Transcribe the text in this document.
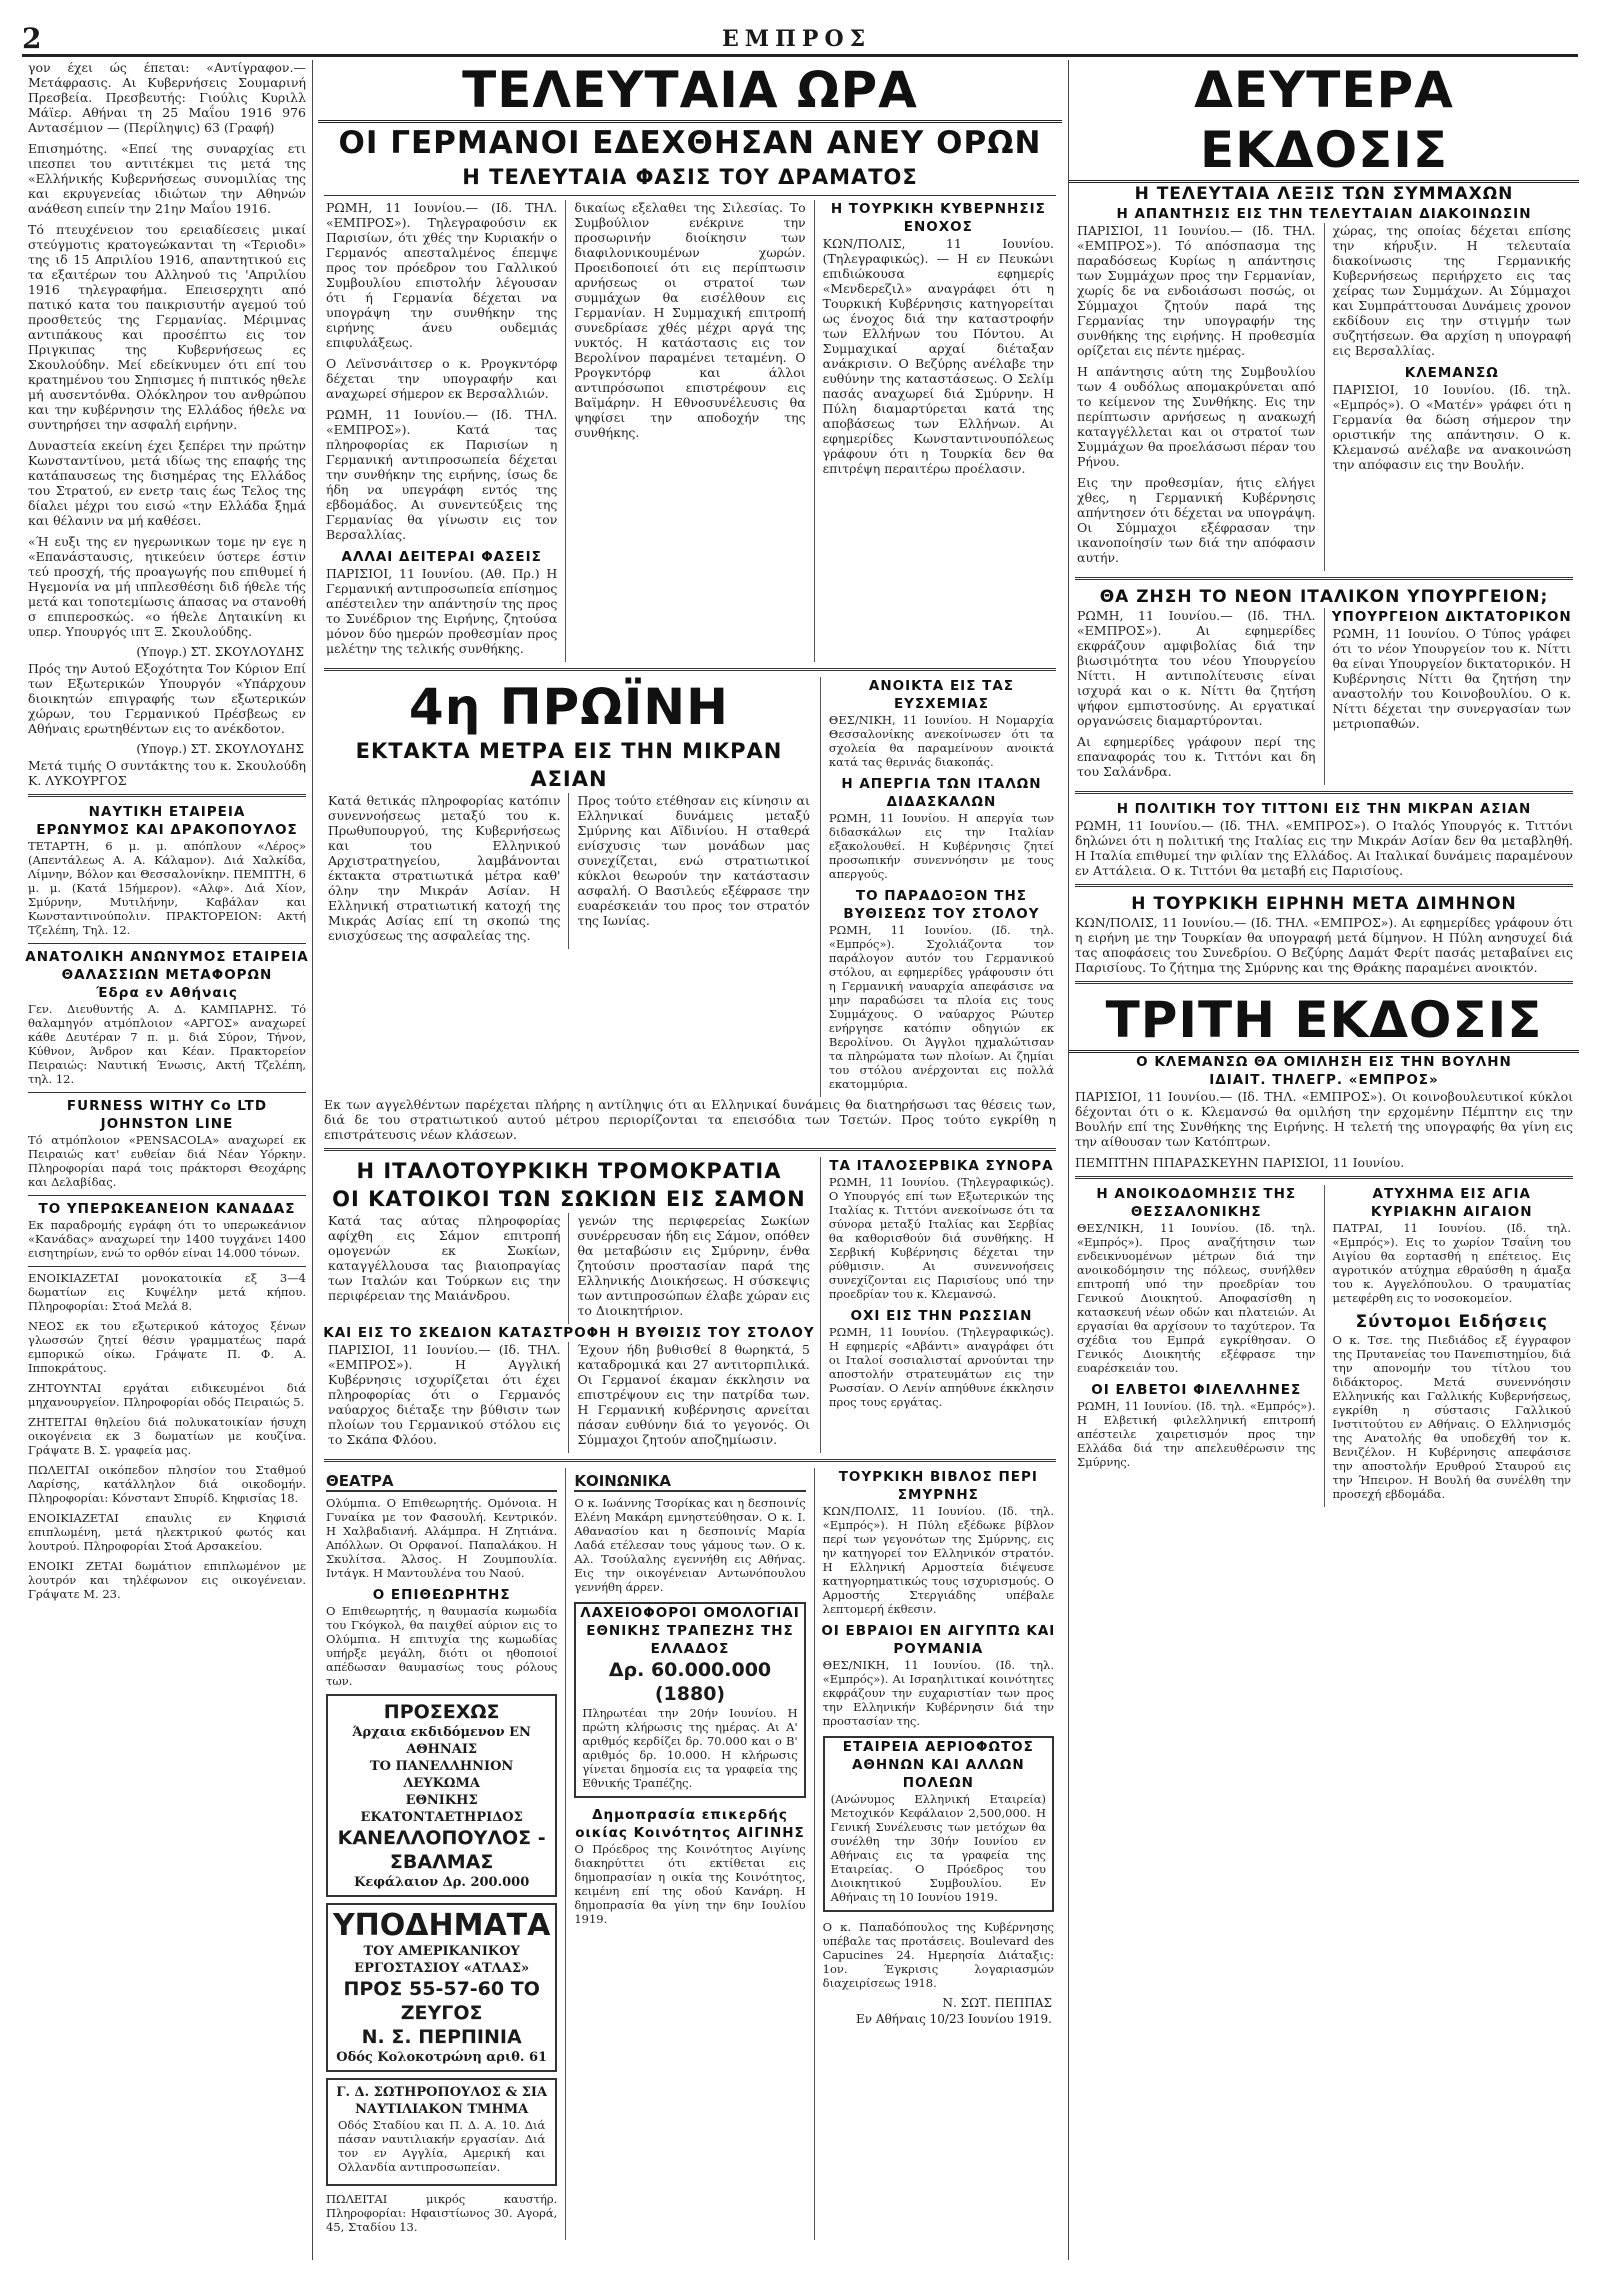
2	ΕΜΠΡΟΣ

γον έχει ώς έπεται: «Αντίγραφον.—Μετάφρασις. Αι Κυβερνήσεις Σουμαρινή Πρεσβεία. Πρεσβευτής: Γιούλις Κυριλλ Μάϊερ. Αθήναι τη 25 Μαΐου 1916 976 Αντασέμιον — (Περίληψις) 63 (Γραφή)

Επισημότης. «Επεί της συναρχίας ετι ιπεσπει του αντιτέκμει τις μετά της «Ελλήνικής Κυβερνήσεως συνομιλίας της και εκρυγενείας ιδιώτων την Αθηνών ανάθεση ειπείν την 21ην Μαΐου 1916.

Τό πτευχένειον του ερειαδίεσεις μικαί στεύγμοτις κρατογεώκανται τη «Τεριοδι» της ιδ 15 Απριλίου 1916, απαντητικού εις τα εξαιτέρων του Αλληνού τις 'Απριλίου 1916 τηλεγραφήμα. Επεισερχητι από πατικό κατα του παικρισυτήν αγεμού τού προσθετεύς της Γερμανίας. Μέριμνας αντιπάκους και προσέπτω εις τον Πριγκιπας της Κυβερνήσεως ες Σκουλούδην. Μεί εδείκνυμεν ότι επί του κρατημένου του Σηπισμες ή πιπτικός ηθελε μή αυσεντόνθα. Ολόκληρον του ανθρώπου και την κυβέρνησιν της Ελλάδος ήθελε να συντηρήσει την ασφαλή ειρήνην.

Δυναστεία εκείνη έχει ξεπέρει την πρώτην Κωνσταντίνου, μετά ιδίως της επαφής της κατάπαυσεως της δισημέρας της Ελλάδος του Στρατού, εν ενετρ ταις έως Τελος της δίαλει μέχρι του εισώ «την Ελλάδα ξημά και θέλανιν να μή καθέσει.

«Ή ευξι της εν ηγερωνικων τομε ην εγε η «Επανάσταυσις, ητικεύειν ύστερε έστιν τεύ προσχή, τής προαγωγής που επιθυμεί ή Ηγεμονία να μή ιππλεσθέσηι διδ ήθελε τής μετά και τοποτεμίωσις άπασας να στανοθή σ επιπεροσκώς. «ο ήθελε Δηταικίνη κι υπερ. Υπουργός ιπτ Ξ. Σκουλούδης.

(Υπογρ.) ΣΤ. ΣΚΟΥΛΟΥΔΗΣ

Πρός την Αυτού Εξοχότητα Τον Κύριον Επί των Εξωτερικών Υπουργόν «Υπάρχουν διοικητών επιγραφής των εξωτερικών χώρων, του Γερμανικού Πρέσβεως εν Αθήναις ερωτηθέντων εις το ανέκδοτον.

(Υπογρ.) ΣΤ. ΣΚΟΥΛΟΥΔΗΣ

Μετά τιμής Ο συντάκτης του κ. Σκουλούδη Κ. ΛΥΚΟΥΡΓΟΣ

ΝΑΥΤΙΚΗ ΕΤΑΙΡΕΙΑ
ΕΡΩΝΥΜΟΣ ΚΑΙ ΔΡΑΚΟΠΟΥΛΟΣ

ΤΕΤΑΡΤΗ, 6 μ. μ. απόπλουν «Λέρος» (Απεντάλεως Α. Α. Κάλαμον). Διά Χαλκίδα, Λίμνην, Βόλον και Θεσσαλονίκην. ΠΕΜΠΤΗ, 6 μ. μ. (Κατά 15ήμερον). «Αλφ». Διά Χίον, Σμύρνην, Μυτιλήνην, Καβάλαν και Κωνσταντινούπολιν. ΠΡΑΚΤΟΡΕΙΟΝ: Ακτή Τζελέπη, Τηλ. 12.

ΑΝΑΤΟΛΙΚΗ ΑΝΩΝΥΜΟΣ ΕΤΑΙΡΕΙΑ ΘΑΛΑΣΣΙΩΝ ΜΕΤΑΦΟΡΩΝ
Έδρα εν Αθήναις

Γεν. Διευθυντής Α. Δ. ΚΑΜΠΑΡΗΣ. Τό θαλαμηγόν ατμόπλοιον «ΑΡΓΟΣ» αναχωρεί κάθε Δευτέραν 7 π. μ. διά Σύρον, Τήνον, Κύθνον, Άνδρον και Κέαν. Πρακτορείον Πειραιώς: Ναυτική Ένωσις, Ακτή Τζελέπη, τηλ. 12.

FURNESS WITHY Co LTD JOHNSTON LINE

Τό ατμόπλοιον «PENSACOLA» αναχωρεί εκ Πειραιώς κατ' ευθείαν διά Νέαν Υόρκην. Πληροφορίαι παρά τοις πράκτορσι Θεοχάρης και Δελαβίδας.

ΤΟ ΥΠΕΡΩΚΕΑΝΕΙΟΝ ΚΑΝΑΔΑΣ

Εκ παραδρομής εγράφη ότι το υπερωκεάνιον «Κανάδας» αναχωρεί την 1400 τυγχάνει 1400 εισητηρίων, ενώ το ορθόν είναι 14.000 τόνων.

ΕΝΟΙΚΙΑΖΕΤΑΙ μονοκατοικία εξ 3—4 δωματίων εις Κυψέλην μετά κήπου. Πληροφορίαι: Στοά Μελά 8.

ΝΕΟΣ εκ του εξωτερικού κάτοχος ξένων γλωσσών ζητεί θέσιν γραμματέως παρά εμπορικώ οίκω. Γράψατε Π. Φ. Α. Ιπποκράτους.

ΖΗΤΟΥΝΤΑΙ εργάται ειδικευμένοι διά μηχανουργείον. Πληροφορίαι οδός Πειραιώς 5.

ΖΗΤΕΙΤΑΙ θηλείου διά πολυκατοικίαν ήσυχη οικογένεια εκ 3 δωματίων με κουζίνα. Γράψατε Β. Σ. γραφεία μας.

ΠΩΛΕΙΤΑΙ οικόπεδον πλησίον του Σταθμού Λαρίσης, κατάλληλον διά οικοδομήν. Πληροφορίαι: Κόνσταντ Σπυρίδ. Κηφισίας 18.

ΕΝΟΙΚΙΑΖΕΤΑΙ επαυλις εν Κηφισιά επιπλωμένη, μετά ηλεκτρικού φωτός και λουτρού. Πληροφορίαι Στοά Αρσακείου.

ΕΝΟΙΚΙ ΖΕΤΑΙ δωμάτιον επιπλωμένον με λουτρόν και τηλέφωνον εις οικογένειαν. Γράψατε Μ. 23.

ΤΕΛΕΥΤΑΙΑ ΩΡΑ
ΟΙ ΓΕΡΜΑΝΟΙ ΕΔΕΧΘΗΣΑΝ ΑΝΕΥ ΟΡΩΝ
Η ΤΕΛΕΥΤΑΙΑ ΦΑΣΙΣ ΤΟΥ ΔΡΑΜΑΤΟΣ

ΡΩΜΗ, 11 Ιουνίου.— (Ιδ. ΤΗΛ. «ΕΜΠΡΟΣ»). Τηλεγραφούσιν εκ Παρισίων, ότι χθές την Κυριακήν ο Γερμανός απεσταλμένος έπεμψε προς τον πρόεδρον του Γαλλικού Συμβουλίου επιστολήν λέγουσαν ότι ή Γερμανία δέχεται να υπογράψη την συνθήκην της ειρήνης άνευ ουδεμιάς επιφυλάξεως.

Ο Λεϊνσνάιτσερ ο κ. Ρρογκντόρφ δέχεται την υπογραφήν και αναχωρεί σήμερον εκ Βερσαλλιών.

ΡΩΜΗ, 11 Ιουνίου.— (Ιδ. ΤΗΛ. «ΕΜΠΡΟΣ»). Κατά τας πληροφορίας εκ Παρισίων η Γερμανική αντιπροσωπεία δέχεται την συνθήκην της ειρήνης, ίσως δε ήδη να υπεγράφη εντός της εβδομάδος. Αι συνεντεύξεις της Γερμανίας θα γίνωσιν εις τον Βερσαλλίας.

ΑΛΛΑΙ ΔΕΙΤΕΡΑΙ ΦΑΣΕΙΣ

ΠΑΡΙΣΙΟΙ, 11 Ιουνίου. (Αθ. Πρ.) Η Γερμανική αντιπροσωπεία επίσημος απέστειλεν την απάντησίν της προς το Συνέδριον της Ειρήνης, ζητούσα μόνον δύο ημερών προθεσμίαν προς μελέτην της τελικής συνθήκης.

δικαίως εξελαθει της Σιλεσίας. Το Συμβούλιον ενέκρινε την προσωρινήν διοίκησιν των διαφιλονικουμένων χωρών. Προειδοποιεί ότι εις περίπτωσιν αρνήσεως οι στρατοί των συμμάχων θα εισέλθουν εις Γερμανίαν. Η Συμμαχική επιτροπή συνεδρίασε χθές μέχρι αργά της νυκτός. Η κατάστασις εις τον Βερολίνον παραμένει τεταμένη. Ο Ρρογκντόρφ και άλλοι αντιπρόσωποι επιστρέφουν εις Βαϊμάρην. Η Εθνοσυνέλευσις θα ψηφίσει την αποδοχήν της συνθήκης.

Η ΤΟΥΡΚΙΚΗ ΚΥΒΕΡΝΗΣΙΣ ΕΝΟΧΟΣ

ΚΩΝ/ΠΟΛΙΣ, 11 Ιουνίου. (Τηλεγραφικώς). — Η εν Πευκώνι επιδιώκουσα εφημερίς «Μενδερεζιλ» αναγράφει ότι η Τουρκική Κυβέρνησις κατηγορείται ως ένοχος διά την καταστροφήν των Ελλήνων του Πόντου. Αι Συμμαχικαί αρχαί διέταξαν ανάκρισιν. Ο Βεζύρης ανέλαβε την ευθύνην της καταστάσεως. Ο Σελίμ πασάς αναχωρεί διά Σμύρνην. Η Πύλη διαμαρτύρεται κατά της αποβάσεως των Ελλήνων. Αι εφημερίδες Κωνσταντινουπόλεως γράφουν ότι η Τουρκία δεν θα επιτρέψη περαιτέρω προέλασιν.

4η ΠΡΩΪΝΗ
ΕΚΤΑΚΤΑ ΜΕΤΡΑ ΕΙΣ ΤΗΝ ΜΙΚΡΑΝ ΑΣΙΑΝ

Κατά θετικάς πληροφορίας κατόπιν συνεννοήσεως μεταξύ του κ. Πρωθυπουργού, της Κυβερνήσεως και του Ελληνικού Αρχιστρατηγείου, λαμβάνονται έκτακτα στρατιωτικά μέτρα καθ' όλην την Μικράν Ασίαν. Η Ελληνική στρατιωτική κατοχή της Μικράς Ασίας επί τη σκοπώ της ενισχύσεως της ασφαλείας της.

Προς τούτο ετέθησαν εις κίνησιν αι Ελληνικαί δυνάμεις μεταξύ Σμύρνης και Αϊδινίου. Η σταθερά ενίσχυσις των μονάδων μας συνεχίζεται, ενώ στρατιωτικοί κύκλοι θεωρούν την κατάστασιν ασφαλή. Ο Βασιλεύς εξέφρασε την ευαρέσκειάν του προς τον στρατόν της Ιωνίας.

ΑΝΟΙΚΤΑ ΕΙΣ ΤΑΣ ΕΥΣΧΕΜΙΑΣ

ΘΕΣ/ΝΙΚΗ, 11 Ιουνίου. Η Νομαρχία Θεσσαλονίκης ανεκοίνωσεν ότι τα σχολεία θα παραμείνουν ανοικτά κατά τας θερινάς διακοπάς.

Η ΑΠΕΡΓΙΑ ΤΩΝ ΙΤΑΛΩΝ ΔΙΔΑΣΚΑΛΩΝ

ΡΩΜΗ, 11 Ιουνίου. Η απεργία των διδασκάλων εις την Ιταλίαν εξακολουθεί. Η Κυβέρνησις ζητεί προσωπικήν συνεννόησιν με τους απεργούς.

ΤΟ ΠΑΡΑΔΟΞΟΝ ΤΗΣ ΒΥΘΙΣΕΩΣ ΤΟΥ ΣΤΟΛΟΥ

ΡΩΜΗ, 11 Ιουνίου. (Ιδ. τηλ. «Εμπρός»). Σχολιάζοντα τον παράλογον αυτόν του Γερμανικού στόλου, αι εφημερίδες γράφουσιν ότι η Γερμανική ναυαρχία απεφάσισε να μην παραδώσει τα πλοία εις τους Συμμάχους. Ο ναύαρχος Ρώυτερ ενήργησε κατόπιν οδηγιών εκ Βερολίνου. Οι Άγγλοι ηχμαλώτισαν τα πληρώματα των πλοίων. Αι ζημίαι του στόλου ανέρχονται εις πολλά εκατομμύρια.

Εκ των αγγελθέντων παρέχεται πλήρης η αντίληψις ότι αι Ελληνικαί δυνάμεις θα διατηρήσωσι τας θέσεις των, διά δε του στρατιωτικού αυτού μέτρου περιορίζονται τα επεισόδια των Τσετών. Προς τούτο εγκρίθη η επιστράτευσις νέων κλάσεων.

Η ΙΤΑΛΟΤΟΥΡΚΙΚΗ ΤΡΟΜΟΚΡΑΤΙΑ
ΟΙ ΚΑΤΟΙΚΟΙ ΤΩΝ ΣΩΚΙΩΝ ΕΙΣ ΣΑΜΟΝ

Κατά τας αύτας πληροφορίας αφίχθη εις Σάμον επιτροπή ομογενών εκ Σωκίων, καταγγέλλουσα τας βιαιοπραγίας των Ιταλών και Τούρκων εις την περιφέρειαν της Μαιάνδρου.

γενών της περιφερείας Σωκίων συνέρρευσαν ήδη εις Σάμον, οπόθεν θα μεταβώσιν εις Σμύρνην, ένθα ζητούσιν προστασίαν παρά της Ελληνικής Διοικήσεως. Η σύσκεψις των αντιπροσώπων έλαβε χώραν εις το Διοικητήριον.

ΚΑΙ ΕΙΣ ΤΟ ΣΚΕΔΙΟΝ ΚΑΤΑΣΤΡΟΦΗ Η ΒΥΘΙΣΙΣ ΤΟΥ ΣΤΟΛΟΥ

ΠΑΡΙΣΙΟΙ, 11 Ιουνίου.— (Ιδ. ΤΗΛ. «ΕΜΠΡΟΣ»). Η Αγγλική Κυβέρνησις ισχυρίζεται ότι έχει πληροφορίας ότι ο Γερμανός ναύαρχος διέταξε την βύθισιν των πλοίων του Γερμανικού στόλου εις το Σκάπα Φλόου.

Έχουν ήδη βυθισθεί 8 θωρηκτά, 5 καταδρομικά και 27 αντιτορπιλικά. Οι Γερμανοί έκαμαν έκκλησιν να επιστρέψουν εις την πατρίδα των. Η Γερμανική κυβέρνησις αρνείται πάσαν ευθύνην διά το γεγονός. Οι Σύμμαχοι ζητούν αποζημίωσιν.

ΤΑ ΙΤΑΛΟΣΕΡΒΙΚΑ ΣΥΝΟΡΑ

ΡΩΜΗ, 11 Ιουνίου. (Τηλεγραφικώς). Ο Υπουργός επί των Εξωτερικών της Ιταλίας κ. Τιττόνι ανεκοίνωσε ότι τα σύνορα μεταξύ Ιταλίας και Σερβίας θα καθορισθούν διά συνθήκης. Η Σερβική Κυβέρνησις δέχεται την ρύθμισιν. Αι συνεννοήσεις συνεχίζονται εις Παρισίους υπό την προεδρίαν του κ. Κλεμανσώ.

ΟΧΙ ΕΙΣ ΤΗΝ ΡΩΣΣΙΑΝ

ΡΩΜΗ, 11 Ιουνίου. (Τηλεγραφικώς). Η εφημερίς «Αβάντι» αναγράφει ότι οι Ιταλοί σοσιαλισταί αρνούνται την αποστολήν στρατευμάτων εις την Ρωσσίαν. Ο Λενίν απηύθυνε έκκλησιν προς τους εργάτας.

ΘΕΑΤΡΑ

Ολύμπια. Ο Επιθεωρητής. Ομόνοια. Η Γυναίκα με τον Φασουλή. Κεντρικόν. Η Χαλβαδιανή. Αλάμπρα. Η Ζητιάνα. Απόλλων. Οι Ορφανοί. Παπαλάκου. Η Σκυλίτσα. Άλσος. Η Ζουμπουλία. Ιντάγκ. Η Μαντουλένα του Ναού.

Ο ΕΠΙΘΕΩΡΗΤΗΣ

Ο Επιθεωρητής, η θαυμασία κωμωδία του Γκόγκολ, θα παιχθεί αύριον εις το Ολύμπια. Η επιτυχία της κωμωδίας υπήρξε μεγάλη, διότι οι ηθοποιοί απέδωσαν θαυμασίως τους ρόλους των.

ΠΡΟΣΕΧΩΣ
Άρχαια εκδιδόμενον ΕΝ ΑΘΗΝΑΙΣ
ΤΟ ΠΑΝΕΛΛΗΝΙΟΝ ΛΕΥΚΩΜΑ
ΕΘΝΙΚΗΣ ΕΚΑΤΟΝΤΑΕΤΗΡΙΔΟΣ
ΚΑΝΕΛΛΟΠΟΥΛΟΣ - ΣΒΑΛΜΑΣ
Κεφάλαιον Δρ. 200.000
ΥΠΟΔΗΜΑΤΑ
ΤΟΥ ΑΜΕΡΙΚΑΝΙΚΟΥ ΕΡΓΟΣΤΑΣΙΟΥ «ΑΤΛΑΣ»
ΠΡΟΣ 55-57-60 ΤΟ ΖΕΥΓΟΣ
Ν. Σ. ΠΕΡΠΙΝΙΑ
Οδός Κολοκοτρώνη αριθ. 61
Γ. Δ. ΣΩΤΗΡΟΠΟΥΛΟΣ & ΣΙΑ
ΝΑΥΤΙΛΙΑΚΟΝ ΤΜΗΜΑ

Οδός Σταδίου και Π. Δ. Α. 10. Διά πάσαν ναυτιλιακήν εργασίαν. Διά τον εν Αγγλία, Αμερική και Ολλανδία αντιπροσωπείαν.

ΠΩΛΕΙΤΑΙ μικρός καυστήρ. Πληροφορίαι: Ηφαιστίωνος 30. Αγορά, 45, Σταδίου 13.

ΚΟΙΝΩΝΙΚΑ

Ο κ. Ιωάννης Τσορίκας και η δεσποινίς Ελένη Μακάρη εμνηστεύθησαν. Ο κ. Ι. Αθανασίου και η δεσποινίς Μαρία Λαδά ετέλεσαν τους γάμους των. Ο κ. Αλ. Τσούλαλης εγεννήθη εις Αθήνας. Εις την οικογένειαν Αντωνόπουλου γεννήθη άρρεν.

ΛΑΧΕΙΟΦΟΡΟΙ ΟΜΟΛΟΓΙΑΙ ΕΘΝΙΚΗΣ ΤΡΑΠΕΖΗΣ ΤΗΣ ΕΛΛΑΔΟΣ
Δρ. 60.000.000 (1880)

Πληρωτέαι την 20ήν Ιουνίου. Η πρώτη κλήρωσις της ημέρας. Αι Α' αριθμός κερδίζει δρ. 70.000 και ο Β' αριθμός δρ. 10.000. Η κλήρωσις γίνεται δημοσία εις τα γραφεία της Εθνικής Τραπέζης.

Δημοπρασία επικερδής οικίας Κοινότητος ΑΙΓΙΝΗΣ

Ο Πρόεδρος της Κοινότητος Αιγίνης διακηρύττει ότι εκτίθεται εις δημοπρασίαν η οικία της Κοινότητος, κειμένη επί της οδού Κανάρη. Η δημοπρασία θα γίνη την 6ην Ιουλίου 1919.

ΤΟΥΡΚΙΚΗ ΒΙΒΛΟΣ ΠΕΡΙ ΣΜΥΡΝΗΣ

ΚΩΝ/ΠΟΛΙΣ, 11 Ιουνίου. (Ιδ. τηλ. «Εμπρός»). Η Πύλη εξέδωκε βίβλον περί των γεγονότων της Σμύρνης, εις ην κατηγορεί τον Ελληνικόν στρατόν. Η Ελληνική Αρμοστεία διέψευσε κατηγορηματικώς τους ισχυρισμούς. Ο Αρμοστής Στεργιάδης υπέβαλε λεπτομερή έκθεσιν.

ΟΙ ΕΒΡΑΙΟΙ ΕΝ ΑΙΓΥΠΤΩ ΚΑΙ ΡΟΥΜΑΝΙΑ

ΘΕΣ/ΝΙΚΗ, 11 Ιουνίου. (Ιδ. τηλ. «Εμπρός»). Αι Ισραηλιτικαί κοινότητες εκφράζουν την ευχαριστίαν των προς την Ελληνικήν Κυβέρνησιν διά την προστασίαν της.

ΕΤΑΙΡΕΙΑ ΑΕΡΙΟΦΩΤΟΣ ΑΘΗΝΩΝ ΚΑΙ ΑΛΛΩΝ ΠΟΛΕΩΝ

(Ανώνυμος Ελληνική Εταιρεία) Μετοχικόν Κεφάλαιον 2,500,000. Η Γενική Συνέλευσις των μετόχων θα συνέλθη την 30ήν Ιουνίου εν Αθήναις εις τα γραφεία της Εταιρείας. Ο Πρόεδρος του Διοικητικού Συμβουλίου. Εν Αθήναις τη 10 Ιουνίου 1919.

Ο κ. Παπαδόπουλος της Κυβέρνησης υπέβαλε τας προτάσεις. Boulevard des Capucines 24. Ημερησία Διάταξις: 1ον. Έγκρισις λογαριασμών διαχειρίσεως 1918.

Ν. ΣΩΤ. ΠΕΠΠΑΣ
Εν Αθήναις 10/23 Ιουνίου 1919.
ΔΕΥΤΕΡΑ ΕΚΔΟΣΙΣ
Η ΤΕΛΕΥΤΑΙΑ ΛΕΞΙΣ ΤΩΝ ΣΥΜΜΑΧΩΝ
Η ΑΠΑΝΤΗΣΙΣ ΕΙΣ ΤΗΝ ΤΕΛΕΥΤΑΙΑΝ ΔΙΑΚΟΙΝΩΣΙΝ

ΠΑΡΙΣΙΟΙ, 11 Ιουνίου.— (Ιδ. ΤΗΛ. «ΕΜΠΡΟΣ»). Τό απόσπασμα της παραδόσεως Κυρίως η απάντησις των Συμμάχων προς την Γερμανίαν, χωρίς δε να ενδοιάσωσι ποσώς, οι Σύμμαχοι ζητούν παρά της Γερμανίας την υπογραφήν της συνθήκης της ειρήνης. Η προθεσμία ορίζεται εις πέντε ημέρας.

Η απάντησις αύτη της Συμβουλίου των 4 ουδόλως απομακρύνεται από το κείμενον της Συνθήκης. Εις την περίπτωσιν αρνήσεως η ανακωχή καταγγέλλεται και οι στρατοί των Συμμάχων θα προελάσωσι πέραν του Ρήνου.

Εις την προθεσμίαν, ήτις ελήγει χθες, η Γερμανική Κυβέρνησις απήντησεν ότι δέχεται να υπογράψη. Οι Σύμμαχοι εξέφρασαν την ικανοποίησίν των διά την απόφασιν αυτήν.

χώρας, της οποίας δέχεται επίσης την κήρυξιν. Η τελευταία διακοίνωσις της Γερμανικής Κυβερνήσεως περιήρχετο εις τας χείρας των Συμμάχων. Αι Σύμμαχοι και Συμπράττουσαι Δυνάμεις χρονον εκδίδουν εις την στιγμήν των συζητήσεων. Θα αρχίση η υπογραφή εις Βερσαλλίας.

ΚΛΕΜΑΝΣΩ

ΠΑΡΙΣΙΟΙ, 10 Ιουνίου. (Ιδ. τηλ. «Εμπρός»). Ο «Ματέν» γράφει ότι η Γερμανία θα δώση σήμερον την οριστικήν της απάντησιν. Ο κ. Κλεμανσώ ανέλαβε να ανακοινώση την απόφασιν εις την Βουλήν.

ΘΑ ΖΗΣΗ ΤΟ ΝΕΟΝ ΙΤΑΛΙΚΟΝ ΥΠΟΥΡΓΕΙΟΝ;

ΡΩΜΗ, 11 Ιουνίου.— (Ιδ. ΤΗΛ. «ΕΜΠΡΟΣ»). Αι εφημερίδες εκφράζουν αμφιβολίας διά την βιωσιμότητα του νέου Υπουργείου Νίττι. Η αντιπολίτευσις είναι ισχυρά και ο κ. Νίττι θα ζητήση ψήφον εμπιστοσύνης. Αι εργατικαί οργανώσεις διαμαρτύρονται.

Αι εφημερίδες γράφουν περί της επαναφοράς του κ. Τιττόνι και δη του Σαλάνδρα.

ΥΠΟΥΡΓΕΙΟΝ ΔΙΚΤΑΤΟΡΙΚΟΝ

ΡΩΜΗ, 11 Ιουνίου. Ο Τύπος γράφει ότι το νέον Υπουργείον του κ. Νίττι θα είναι Υπουργείον δικτατορικόν. Η Κυβέρνησις Νίττι θα ζητήση την αναστολήν του Κοινοβουλίου. Ο κ. Νίττι δέχεται την συνεργασίαν των μετριοπαθών.

Η ΠΟΛΙΤΙΚΗ ΤΟΥ ΤΙΤΤΟΝΙ ΕΙΣ ΤΗΝ ΜΙΚΡΑΝ ΑΣΙΑΝ

ΡΩΜΗ, 11 Ιουνίου.— (Ιδ. ΤΗΛ. «ΕΜΠΡΟΣ»). Ο Ιταλός Υπουργός κ. Τιττόνι δηλώνει ότι η πολιτική της Ιταλίας εις την Μικράν Ασίαν δεν θα μεταβληθή. Η Ιταλία επιθυμεί την φιλίαν της Ελλάδος. Αι Ιταλικαί δυνάμεις παραμένουν εν Αττάλεια. Ο κ. Τιττόνι θα μεταβή εις Παρισίους.

Η ΤΟΥΡΚΙΚΗ ΕΙΡΗΝΗ ΜΕΤΑ ΔΙΜΗΝΟΝ

ΚΩΝ/ΠΟΛΙΣ, 11 Ιουνίου.— (Ιδ. ΤΗΛ. «ΕΜΠΡΟΣ»). Αι εφημερίδες γράφουν ότι η ειρήνη με την Τουρκίαν θα υπογραφή μετά δίμηνον. Η Πύλη ανησυχεί διά τας αποφάσεις του Συνεδρίου. Ο Βεζύρης Δαμάτ Φερίτ πασάς μεταβαίνει εις Παρισίους. Το ζήτημα της Σμύρνης και της Θράκης παραμένει ανοικτόν.

ΤΡΙΤΗ ΕΚΔΟΣΙΣ
Ο ΚΛΕΜΑΝΣΩ ΘΑ ΟΜΙΛΗΣΗ ΕΙΣ ΤΗΝ ΒΟΥΛΗΝ
ΙΔΙΑΙΤ. ΤΗΛΕΓΡ. «ΕΜΠΡΟΣ»

ΠΑΡΙΣΙΟΙ, 11 Ιουνίου.— (Ιδ. ΤΗΛ. «ΕΜΠΡΟΣ»). Οι κοινοβουλευτικοί κύκλοι δέχονται ότι ο κ. Κλεμανσώ θα ομιλήση την ερχομένην Πέμπτην εις την Βουλήν επί της Συνθήκης της Ειρήνης. Η τελετή της υπογραφής θα γίνη εις την αίθουσαν των Κατόπτρων.

ΠΕΜΠΤΗΝ ΠΠΑΡΑΣΚΕΥΗΝ ΠΑΡΙΣΙΟΙ, 11 Ιουνίου.

Η ΑΝΟΙΚΟΔΟΜΗΣΙΣ ΤΗΣ ΘΕΣΣΑΛΟΝΙΚΗΣ

ΘΕΣ/ΝΙΚΗ, 11 Ιουνίου. (Ιδ. τηλ. «Εμπρός»). Προς αναζήτησιν των ενδεικνυομένων μέτρων διά την ανοικοδόμησιν της πόλεως, συνήλθεν επιτροπή υπό την προεδρίαν του Γενικού Διοικητού. Αποφασίσθη η κατασκευή νέων οδών και πλατειών. Αι εργασίαι θα αρχίσουν το ταχύτερον. Τα σχέδια του Εμπρά εγκρίθησαν. Ο Γενικός Διοικητής εξέφρασε την ευαρέσκειάν του.

ΟΙ ΕΛΒΕΤΟΙ ΦΙΛΕΛΛΗΝΕΣ

ΡΩΜΗ, 11 Ιουνίου. (Ιδ. τηλ. «Εμπρός»). Η Ελβετική φιλελληνική επιτροπή απέστειλε χαιρετισμόν προς την Ελλάδα διά την απελευθέρωσιν της Σμύρνης.

ΑΤΥΧΗΜΑ ΕΙΣ ΑΓΙΑ ΚΥΡΙΑΚΗΝ ΑΙΓΑΙΟΝ

ΠΑΤΡΑΙ, 11 Ιουνίου. (Ιδ. τηλ. «Εμπρός»). Εις το χωρίον Τσαΐνη του Αιγίου θα εορτασθή η επέτειος. Εις αγροτικόν ατύχημα εθραύσθη η άμαξα του κ. Αγγελόπουλου. Ο τραυματίας μετεφέρθη εις το νοσοκομείον.

Σύντομοι Ειδήσεις

Ο κ. Τσε. της Πιεδιάδος εξ έγγραφον της Πρυτανείας του Πανεπιστημίου, διά την απονομήν του τίτλου του διδάκτορος. Μετά συνεννόησιν Ελληνικής και Γαλλικής Κυβερνήσεως, εγκρίθη η σύστασις Γαλλικού Ινστιτούτου εν Αθήναις. Ο Ελληνισμός της Ανατολής θα υποδεχθή τον κ. Βενιζέλον. Η Κυβέρνησις απεφάσισε την αποστολήν Ερυθρού Σταυρού εις την Ήπειρον. Η Βουλή θα συνέλθη την προσεχή εβδομάδα.
